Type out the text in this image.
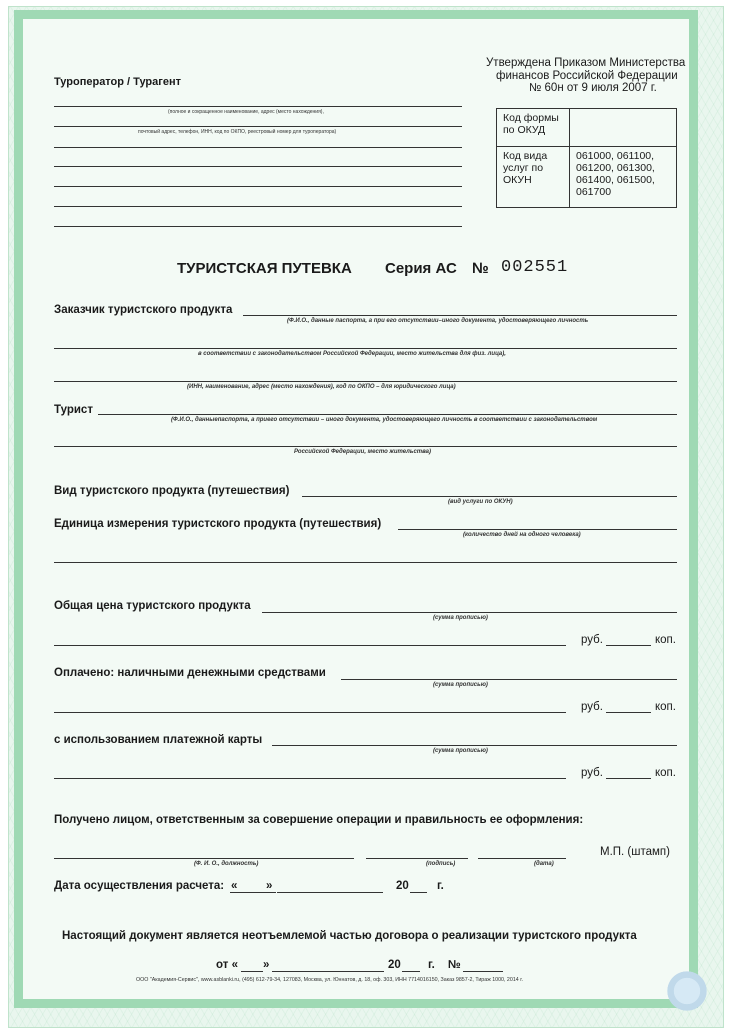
Утверждена Приказом Министерства
финансов Российской Федерации
№ 60н от 9 июля 2007 г.
Туроператор / Турагент
(полное и сокращенное наименование, адрес (место нахождения),
почтовый адрес, телефон, ИНН, код по ОКПО, реестровый номер для туроператора)
Код формы по ОКУД	
Код вида услуг по ОКУН	061000, 061100,
061200, 061300,
061400, 061500,
061700
ТУРИСТСКАЯ ПУТЕВКА Серия АС № 002551
Заказчик туристского продукта
(Ф.И.О., данные паспорта, а при его отсутствии–иного документа, удостоверяющего личность
в соответствии с законодательством Российской Федерации, место жительства для физ. лица),
(ИНН, наименование, адрес (место нахождения), код по ОКПО – для юридического лица)
Турист
(Ф.И.О., данныепаспорта, а приего отсутствии – иного документа, удостоверяющего личность в соответствии с законодательством
Российской Федерации, место жительства)
Вид туристского продукта (путешествия)
(вид услуги по ОКУН)
Единица измерения туристского продукта (путешествия)
(количество дней на одного человека)
Общая цена туристского продукта
(сумма прописью)
руб.	коп.
Оплачено: наличными денежными средствами
(сумма прописью)
руб.	коп.
с использованием платежной карты
(сумма прописью)
руб.	коп.
Получено лицом, ответственным за совершение операции и правильность ее оформления:
(Ф. И. О., должность)	(подпись)	(дата)
М.П. (штамп)
Дата осуществления расчета: « »	20 г.
Настоящий документ является неотъемлемой частью договора о реализации туристского продукта
от « »	20 г. №
ООО "Академия-Сервис", www.asblanki.ru, (495) 612-79-34, 127083, Москва, ул. Юннатов, д. 18, оф. 303, ИНН 7714016150, Заказ 9857-2, Тираж 1000, 2014 г.
